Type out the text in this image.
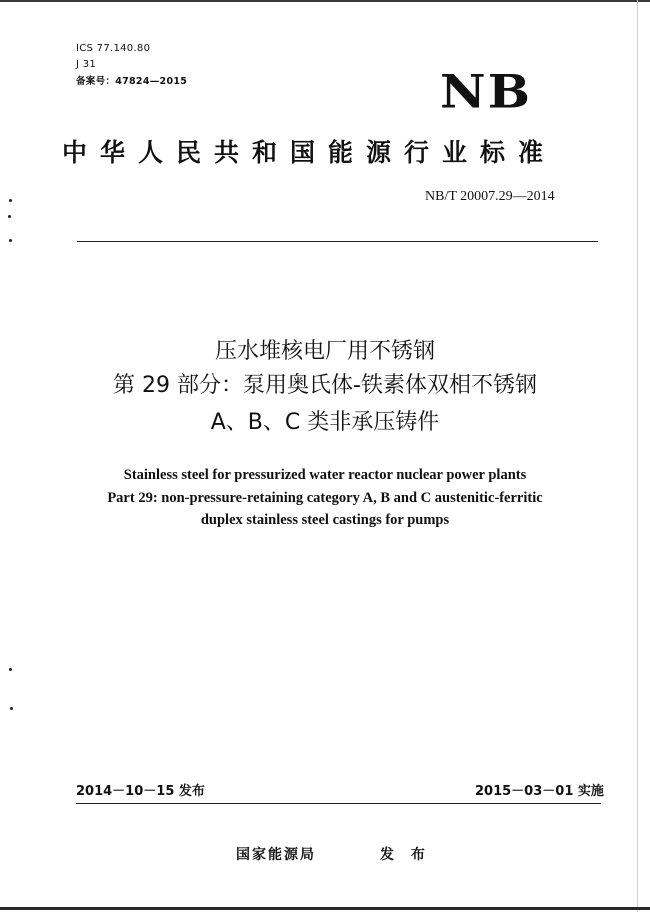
ICS 77.140.80
J 31
备案号：47824—2015	NB
中华人民共和国能源行业标准
NB/T 20007.29—2014
压水堆核电厂用不锈钢
第 29 部分：泵用奥氏体-铁素体双相不锈钢
A、B、C 类非承压铸件
Stainless steel for pressurized water reactor nuclear power plants
Part 29: non-pressure-retaining category A, B and C austenitic-ferritic
duplex stainless steel castings for pumps
2014－10－15 发布	2015－03－01 实施
国家能源局	发 布
